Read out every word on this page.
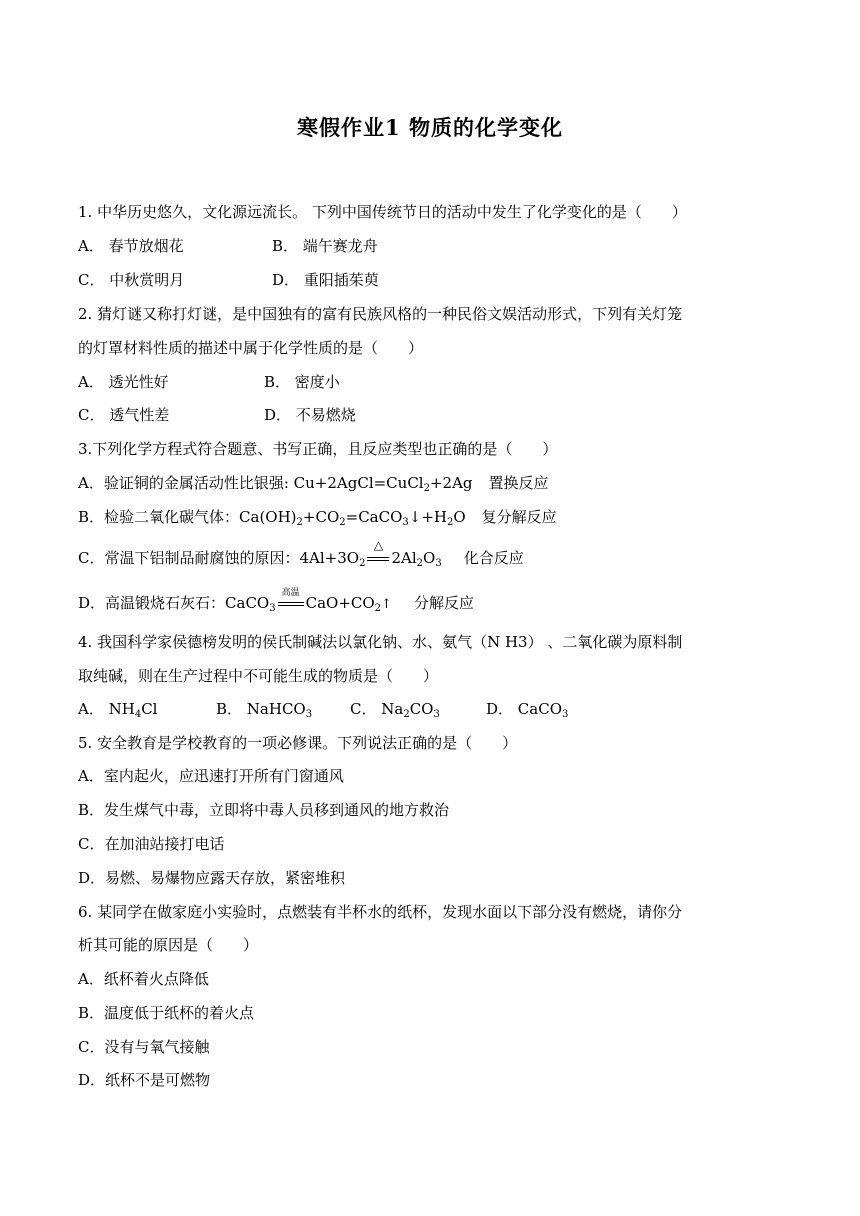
寒假作业1 物质的化学变化
1. 中华历史悠久，文化源远流长。 下列中国传统节日的活动中发生了化学变化的是（　　）
A． 春节放烟花	B． 端午赛龙舟
C． 中秋赏明月	D． 重阳插茱萸
2. 猜灯谜又称打灯谜，是中国独有的富有民族风格的一种民俗文娱活动形式，下列有关灯笼
的灯罩材料性质的描述中属于化学性质的是（　　）
A． 透光性好	B． 密度小
C． 透气性差	D． 不易燃烧
3.下列化学方程式符合题意、书写正确，且反应类型也正确的是（　　）
A．验证铜的金属活动性比银强: Cu+2AgCl=CuCl$_2$+2Ag 置换反应
B．检验二氧化碳气体：$Ca(OH)_2+CO_2=CaCO_3↓+H_2O$ 复分解反应
C．常温下铝制品耐腐蚀的原因：$4Al+3O_2$
△
$2Al_2O_3$ 化合反应
D．高温锻烧石灰石：CaCO$_3$
高温
$CaO+CO_2↑$ 分解反应
4. 我国科学家侯德榜发明的侯氏制碱法以氯化钠、水、氨气（N H3） 、二氧化碳为原料制
取纯碱，则在生产过程中不可能生成的物质是（　　）
A． $NH_4Cl$	B． NaHCO$_3$	C． $Na_2CO_3$	D． CaCO$_3$
5. 安全教育是学校教育的一项必修课。下列说法正确的是（　　）
A．室内起火，应迅速打开所有门窗通风
B．发生煤气中毒，立即将中毒人员移到通风的地方救治
C．在加油站接打电话
D．易燃、易爆物应露天存放，紧密堆积
6. 某同学在做家庭小实验时，点燃装有半杯水的纸杯，发现水面以下部分没有燃烧，请你分
析其可能的原因是（　　）
A．纸杯着火点降低
B．温度低于纸杯的着火点
C．没有与氧气接触
D．纸杯不是可燃物
